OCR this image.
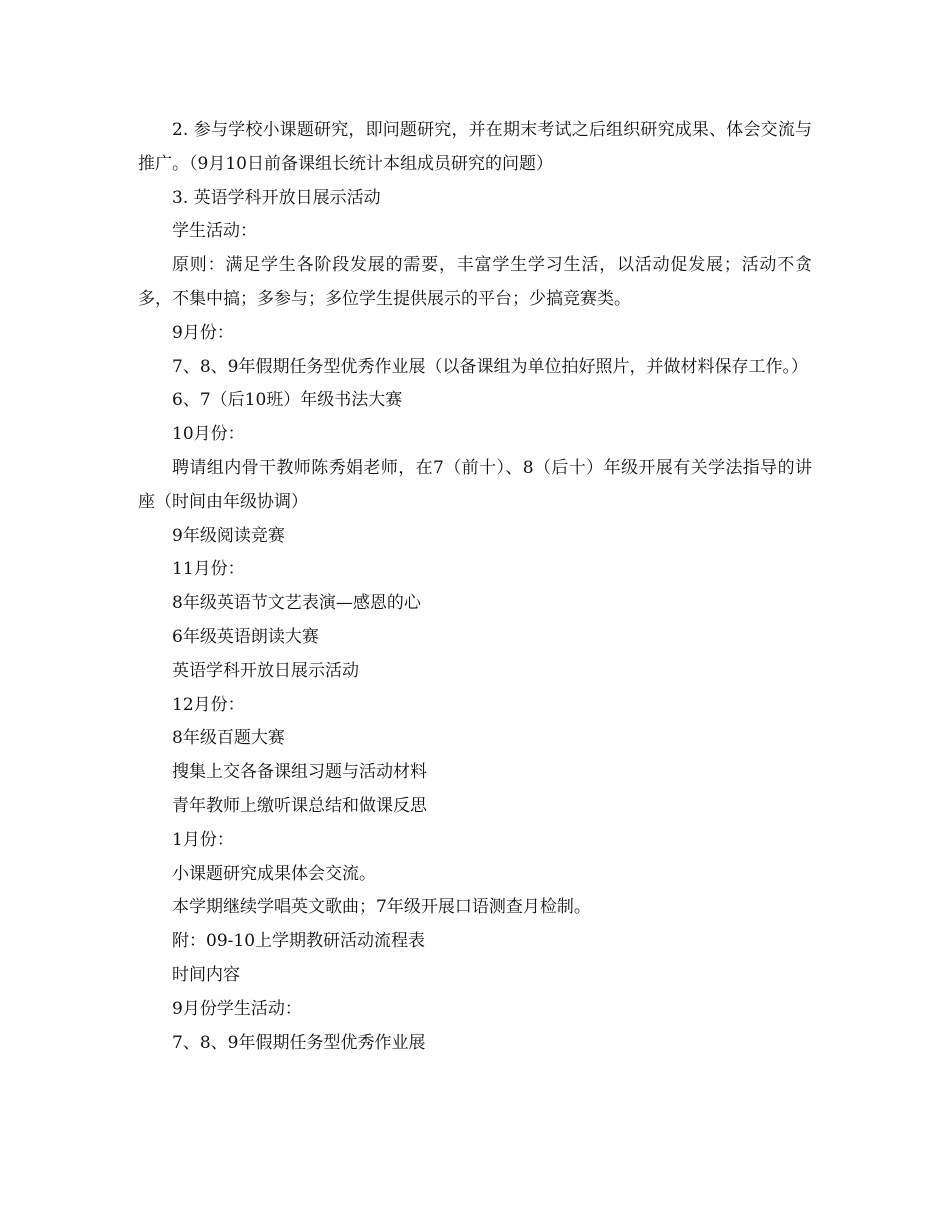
2. 参与学校小课题研究，即问题研究，并在期末考试之后组织研究成果、体会交流与推广。（9月10日前备课组长统计本组成员研究的问题）

3. 英语学科开放日展示活动

学生活动：

原则：满足学生各阶段发展的需要，丰富学生学习生活，以活动促发展；活动不贪多，不集中搞；多参与；多位学生提供展示的平台；少搞竞赛类。

9月份：

7、8、9年假期任务型优秀作业展（以备课组为单位拍好照片，并做材料保存工作。）

6、7（后10班）年级书法大赛

10月份：

聘请组内骨干教师陈秀娟老师，在7（前十）、8（后十）年级开展有关学法指导的讲座（时间由年级协调）

9年级阅读竞赛

11月份：

8年级英语节文艺表演—感恩的心

6年级英语朗读大赛

英语学科开放日展示活动

12月份：

8年级百题大赛

搜集上交各备课组习题与活动材料

青年教师上缴听课总结和做课反思

1月份：

小课题研究成果体会交流。

本学期继续学唱英文歌曲；7年级开展口语测查月检制。

附：09-10上学期教研活动流程表

时间内容

9月份学生活动：

7、8、9年假期任务型优秀作业展
